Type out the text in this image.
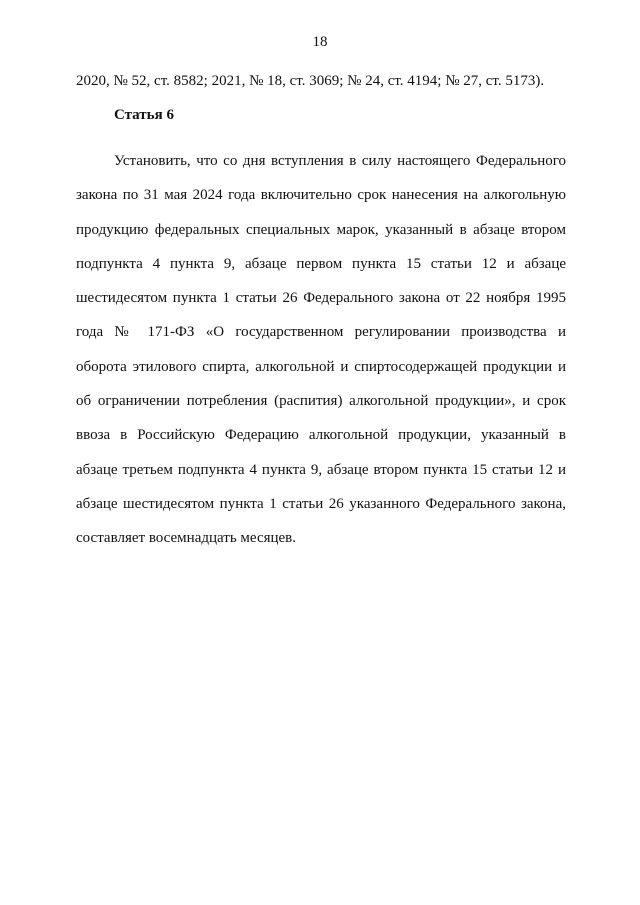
18
2020, № 52, ст. 8582; 2021, № 18, ст. 3069; № 24, ст. 4194; № 27, ст. 5173).
Статья 6

Установить, что со дня вступления в силу настоящего Федерального
закона по 31 мая 2024 года включительно срок нанесения на алкогольную
продукцию федеральных специальных марок, указанный в абзаце втором
подпункта 4 пункта 9, абзаце первом пункта 15 статьи 12 и абзаце
шестидесятом пункта 1 статьи 26 Федерального закона от 22 ноября 1995
года № 171-ФЗ «О государственном регулировании производства и
оборота этилового спирта, алкогольной и спиртосодержащей продукции и
об ограничении потребления (распития) алкогольной продукции», и срок
ввоза в Российскую Федерацию алкогольной продукции, указанный в
абзаце третьем подпункта 4 пункта 9, абзаце втором пункта 15 статьи 12 и
абзаце шестидесятом пункта 1 статьи 26 указанного Федерального закона,
составляет восемнадцать месяцев.
